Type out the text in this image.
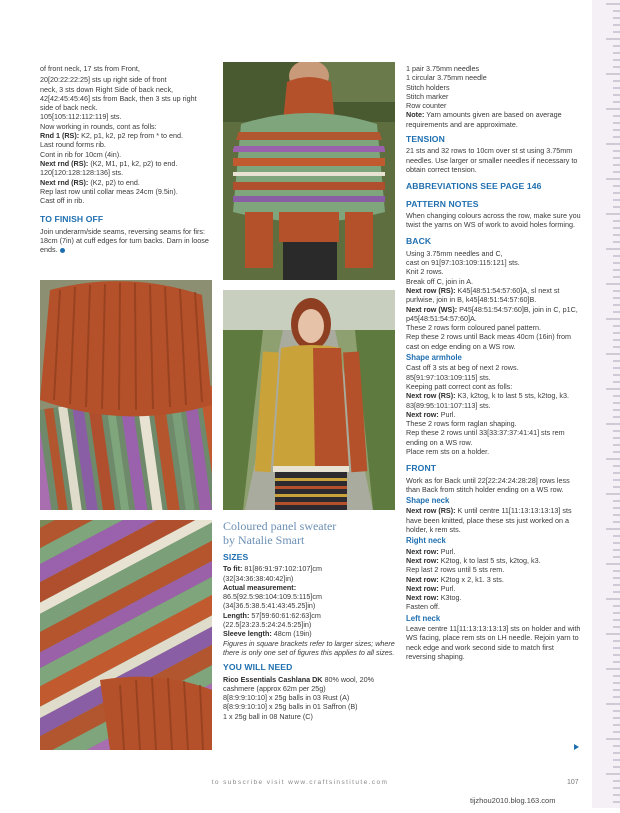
of front neck, 17 sts from Front,

20[20:22:22:25] sts up right side of front

neck, 3 sts down Right Side of back neck,

42[42:45:45:46] sts from Back, then 3 sts up right

side of back neck.

105[105:112:112:119] sts.

Now working in rounds, cont as folls:

Rnd 1 (RS): K2, p1, k2, p2 rep from * to end.

Last round forms rib.

Cont in rib for 10cm (4in).

Next rnd (RS): (K2, M1, p1, k2, p2) to end.

120[120:128:128:136] sts.

Next rnd (RS): (K2, p2) to end.

Rep last row until collar meas 24cm (9.5in).

Cast off in rib.

TO FINISH OFF

Join underarm/side seams, reversing seams for firs: 18cm (7in) at cuff edges for turn backs. Darn in loose ends.

Coloured panel sweater
by Natalie Smart
SIZES

To fit: 81[86:91:97:102:107]cm

(32[34:36:38:40:42]in)

Actual measurement:

86.5[92.5:98:104:109.5:115]cm

(34[36.5:38.5:41:43:45.25]in)

Length: 57[59:60:61:62:63]cm

(22.5[23:23.5:24:24.5:25]in)

Sleeve length: 48cm (19in)

Figures in square brackets refer to larger sizes; where there is only one set of figures this applies to all sizes.

YOU WILL NEED

Rico Essentials Cashlana DK 80% wool, 20% cashmere (approx 62m per 25g)

8[8:9:9:10:10] x 25g balls in 03 Rust (A)

8[8:9:9:10:10] x 25g balls in 01 Saffron (B)

1 x 25g ball in 08 Nature (C)

1 pair 3.75mm needles

1 circular 3.75mm needle

Stitch holders

Stitch marker

Row counter

Note: Yarn amounts given are based on average requirements and are approximate.

TENSION

21 sts and 32 rows to 10cm over st st using 3.75mm needles. Use larger or smaller needles if necessary to obtain correct tension.

ABBREVIATIONS SEE PAGE 146
PATTERN NOTES

When changing colours across the row, make sure you twist the yarns on WS of work to avoid holes forming.

BACK

Using 3.75mm needles and C,

cast on 91[97:103:109:115:121] sts.

Knit 2 rows.

Break off C, join in A.

Next row (RS): K45[48:51:54:57:60]A, sl next st purlwise, join in B, k45[48:51:54:57:60]B.

Next row (WS): P45[48:51:54:57:60]B, join in C, p1C, p45[48:51:54:57:60]A.

These 2 rows form coloured panel pattern.

Rep these 2 rows until Back meas 40cm (16in) from cast on edge ending on a WS row.

Shape armhole

Cast off 3 sts at beg of next 2 rows.

85[91:97:103:109:115] sts.

Keeping patt correct cont as folls:

Next row (RS): K3, k2tog, k to last 5 sts, k2tog, k3. 83[89:95:101:107:113] sts.

Next row: Purl.

These 2 rows form raglan shaping.

Rep these 2 rows until 33[33:37:37:41:41] sts rem ending on a WS row.

Place rem sts on a holder.

FRONT

Work as for Back until 22[22:24:24:28:28] rows less than Back from stitch holder ending on a WS row.

Shape neck

Next row (RS): K until centre 11[11:13:13:13:13] sts have been knitted, place these sts just worked on a holder, k rem sts.

Right neck

Next row: Purl.

Next row: K2tog, k to last 5 sts, k2tog, k3.

Rep last 2 rows until 5 sts rem.

Next row: K2tog x 2, k1. 3 sts.

Next row: Purl.

Next row: K3tog.

Fasten off.

Left neck

Leave centre 11[11:13:13:13:13] sts on holder and with WS facing, place rem sts on LH needle. Rejoin yarn to neck edge and work second side to match first reversing shaping.

to subscribe visit www.craftsinstitute.com	107
tijzhou2010.blog.163.com
